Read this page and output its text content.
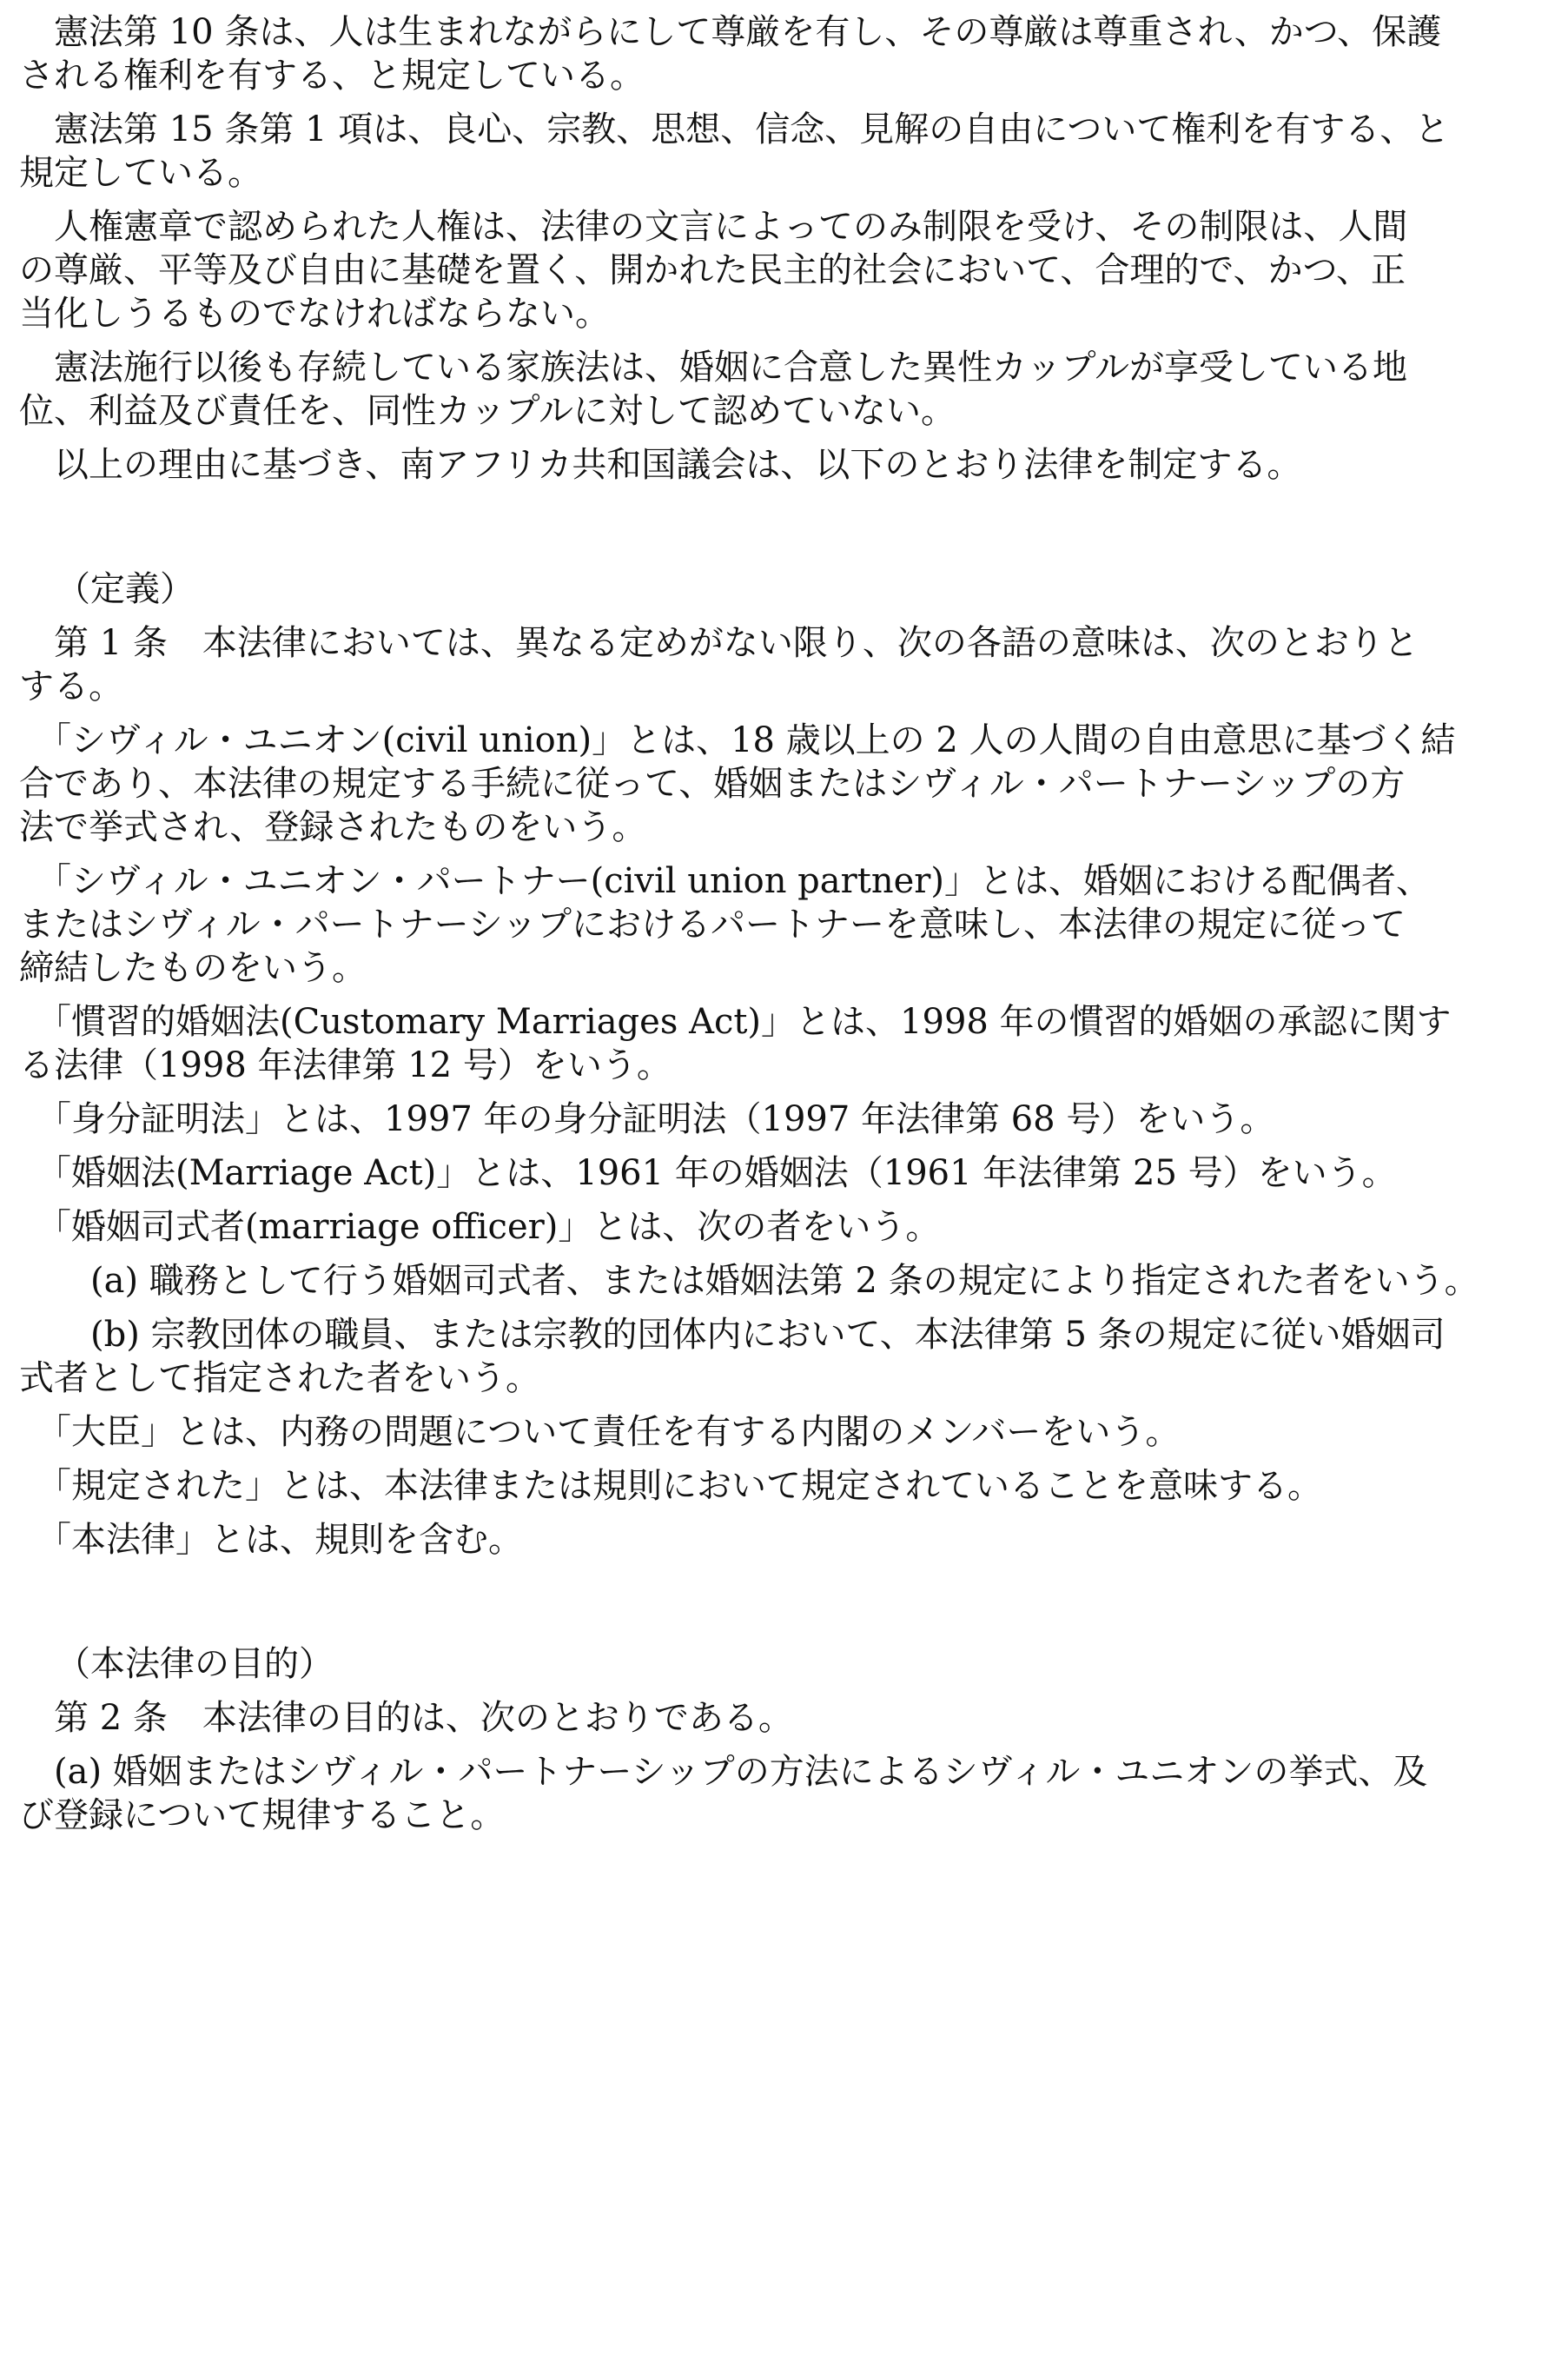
　憲法第 10 条は、人は生まれながらにして尊厳を有し、その尊厳は尊重され、かつ、保護
される権利を有する、と規定している。
　憲法第 15 条第 1 項は、良心、宗教、思想、信念、見解の自由について権利を有する、と
規定している。
　人権憲章で認められた人権は、法律の文言によってのみ制限を受け、その制限は、人間
の尊厳、平等及び自由に基礎を置く、開かれた民主的社会において、合理的で、かつ、正
当化しうるものでなければならない。
　憲法施行以後も存続している家族法は、婚姻に合意した異性カップルが享受している地
位、利益及び責任を、同性カップルに対して認めていない。
　以上の理由に基づき、南アフリカ共和国議会は、以下のとおり法律を制定する。
（定義）
　第 1 条　本法律においては、異なる定めがない限り、次の各語の意味は、次のとおりと
する。
　「シヴィル・ユニオン(civil union)」とは、18 歳以上の 2 人の人間の自由意思に基づく結
合であり、本法律の規定する手続に従って、婚姻またはシヴィル・パートナーシップの方
法で挙式され、登録されたものをいう。
　「シヴィル・ユニオン・パートナー(civil union partner)」とは、婚姻における配偶者、
またはシヴィル・パートナーシップにおけるパートナーを意味し、本法律の規定に従って
締結したものをいう。
　「慣習的婚姻法(Customary Marriages Act)」とは、1998 年の慣習的婚姻の承認に関す
る法律（1998 年法律第 12 号）をいう。
　「身分証明法」とは、1997 年の身分証明法（1997 年法律第 68 号）をいう。
　「婚姻法(Marriage Act)」とは、1961 年の婚姻法（1961 年法律第 25 号）をいう。
　「婚姻司式者(marriage officer)」とは、次の者をいう。
(a) 職務として行う婚姻司式者、または婚姻法第 2 条の規定により指定された者をいう。
(b) 宗教団体の職員、または宗教的団体内において、本法律第 5 条の規定に従い婚姻司
式者として指定された者をいう。
　「大臣」とは、内務の問題について責任を有する内閣のメンバーをいう。
　「規定された」とは、本法律または規則において規定されていることを意味する。
　「本法律」とは、規則を含む。
（本法律の目的）
　第 2 条　本法律の目的は、次のとおりである。
　(a) 婚姻またはシヴィル・パートナーシップの方法によるシヴィル・ユニオンの挙式、及
び登録について規律すること。
